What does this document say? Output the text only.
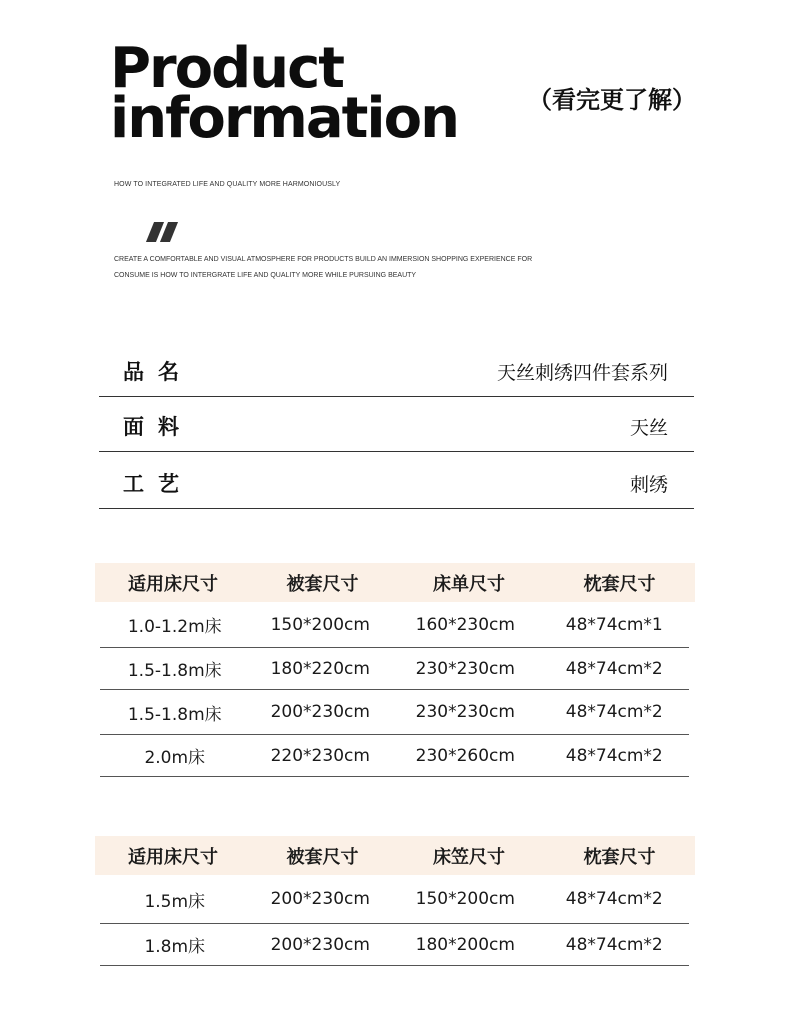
Product
information	（看完更了解）
HOW TO INTEGRATED LIFE AND QUALITY MORE HARMONIOUSLY
CREATE A COMFORTABLE AND VISUAL ATMOSPHERE FOR PRODUCTS BUILD AN IMMERSION SHOPPING EXPERIENCE FOR CONSUME IS HOW TO INTERGRATE LIFE AND QUALITY MORE WHILE PURSUING BEAUTY
品名	天丝刺绣四件套系列
面料	天丝
工艺	刺绣
适用床尺寸	被套尺寸	床单尺寸	枕套尺寸
1.0-1.2m床	150*200cm	160*230cm	48*74cm*1
1.5-1.8m床	180*220cm	230*230cm	48*74cm*2
1.5-1.8m床	200*230cm	230*230cm	48*74cm*2
2.0m床	220*230cm	230*260cm	48*74cm*2
适用床尺寸	被套尺寸	床笠尺寸	枕套尺寸
1.5m床	200*230cm	150*200cm	48*74cm*2
1.8m床	200*230cm	180*200cm	48*74cm*2
